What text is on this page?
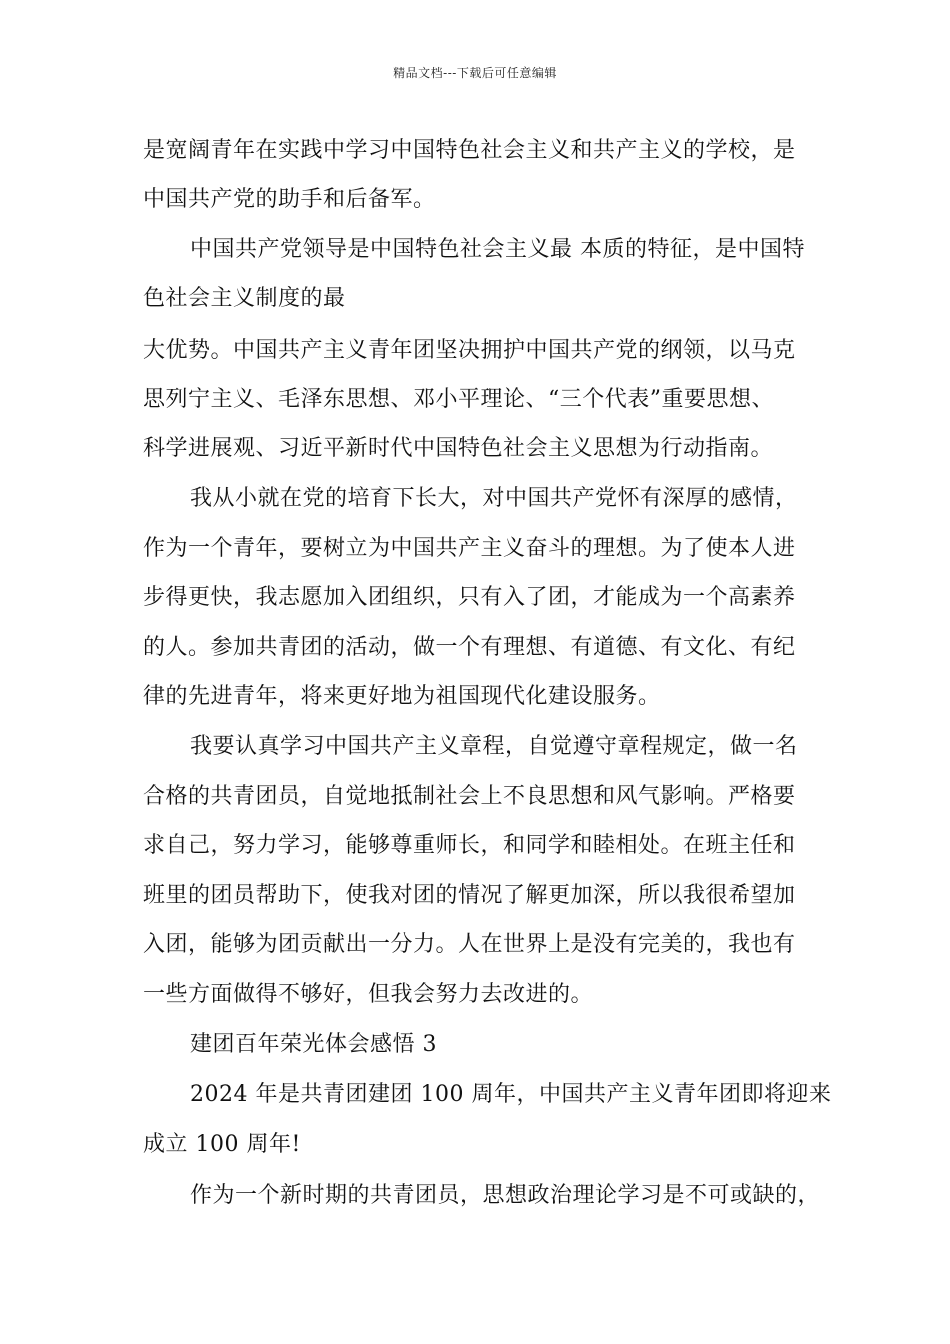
精品文档---下载后可任意编辑
是宽阔青年在实践中学习中国特色社会主义和共产主义的学校，是
中国共产党的助手和后备军。
中国共产党领导是中国特色社会主义最 本质的特征，是中国特
色社会主义制度的最
大优势。中国共产主义青年团坚决拥护中国共产党的纲领，以马克
思列宁主义、毛泽东思想、邓小平理论、“三个代表”重要思想、
科学进展观、习近平新时代中国特色社会主义思想为行动指南。
我从小就在党的培育下长大，对中国共产党怀有深厚的感情，
作为一个青年，要树立为中国共产主义奋斗的理想。为了使本人进
步得更快，我志愿加入团组织，只有入了团，才能成为一个高素养
的人。参加共青团的活动，做一个有理想、有道德、有文化、有纪
律的先进青年，将来更好地为祖国现代化建设服务。
我要认真学习中国共产主义章程，自觉遵守章程规定，做一名
合格的共青团员，自觉地抵制社会上不良思想和风气影响。严格要
求自己，努力学习，能够尊重师长，和同学和睦相处。在班主任和
班里的团员帮助下，使我对团的情况了解更加深，所以我很希望加
入团，能够为团贡献出一分力。人在世界上是没有完美的，我也有
一些方面做得不够好，但我会努力去改进的。
建团百年荣光体会感悟 3
2024 年是共青团建团 100 周年，中国共产主义青年团即将迎来
成立 100 周年!
作为一个新时期的共青团员，思想政治理论学习是不可或缺的，
